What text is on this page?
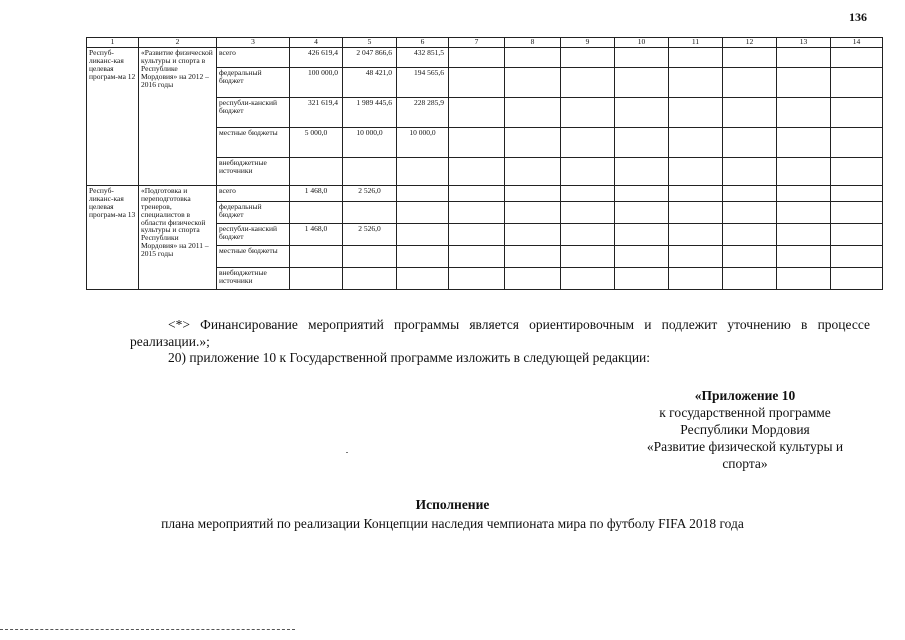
136
1	2	3	4	5	6	7	8	9	10	11	12	13	14
Респуб-ликанс-кая целевая програм-ма 12	«Развитие физической культуры и спорта в Республике Мордовия» на 2012 – 2016 годы	всего	426 619,4	2 047 866,6	432 851,5								
		федеральный бюджет	100 000,0	48 421,0	194 565,6								
		республи-канский бюджет	321 619,4	1 989 445,6	228 285,9								
		местные бюджеты	5 000,0	10 000,0	10 000,0								
		внебюджетные источники											
Респуб-ликанс-кая целевая програм-ма 13	«Подготовка и переподготовка тренеров, специалистов в области физической культуры и спорта Республики Мордовия» на 2011 – 2015 годы	всего	1 468,0	2 526,0									
		федеральный бюджет											
		республи-канский бюджет	1 468,0	2 526,0									
		местные бюджеты											
		внебюджетные источники											
<*> Финансирование мероприятий программы является ориентировочным и подлежит уточнению в процессе реализации.»;
20) приложение 10 к Государственной программе изложить в следующей редакции:
«Приложение 10
к государственной программе
Республики Мордовия
«Развитие физической культуры и
спорта»
Исполнение
плана мероприятий по реализации Концепции наследия чемпионата мира по футболу FIFA 2018 года
